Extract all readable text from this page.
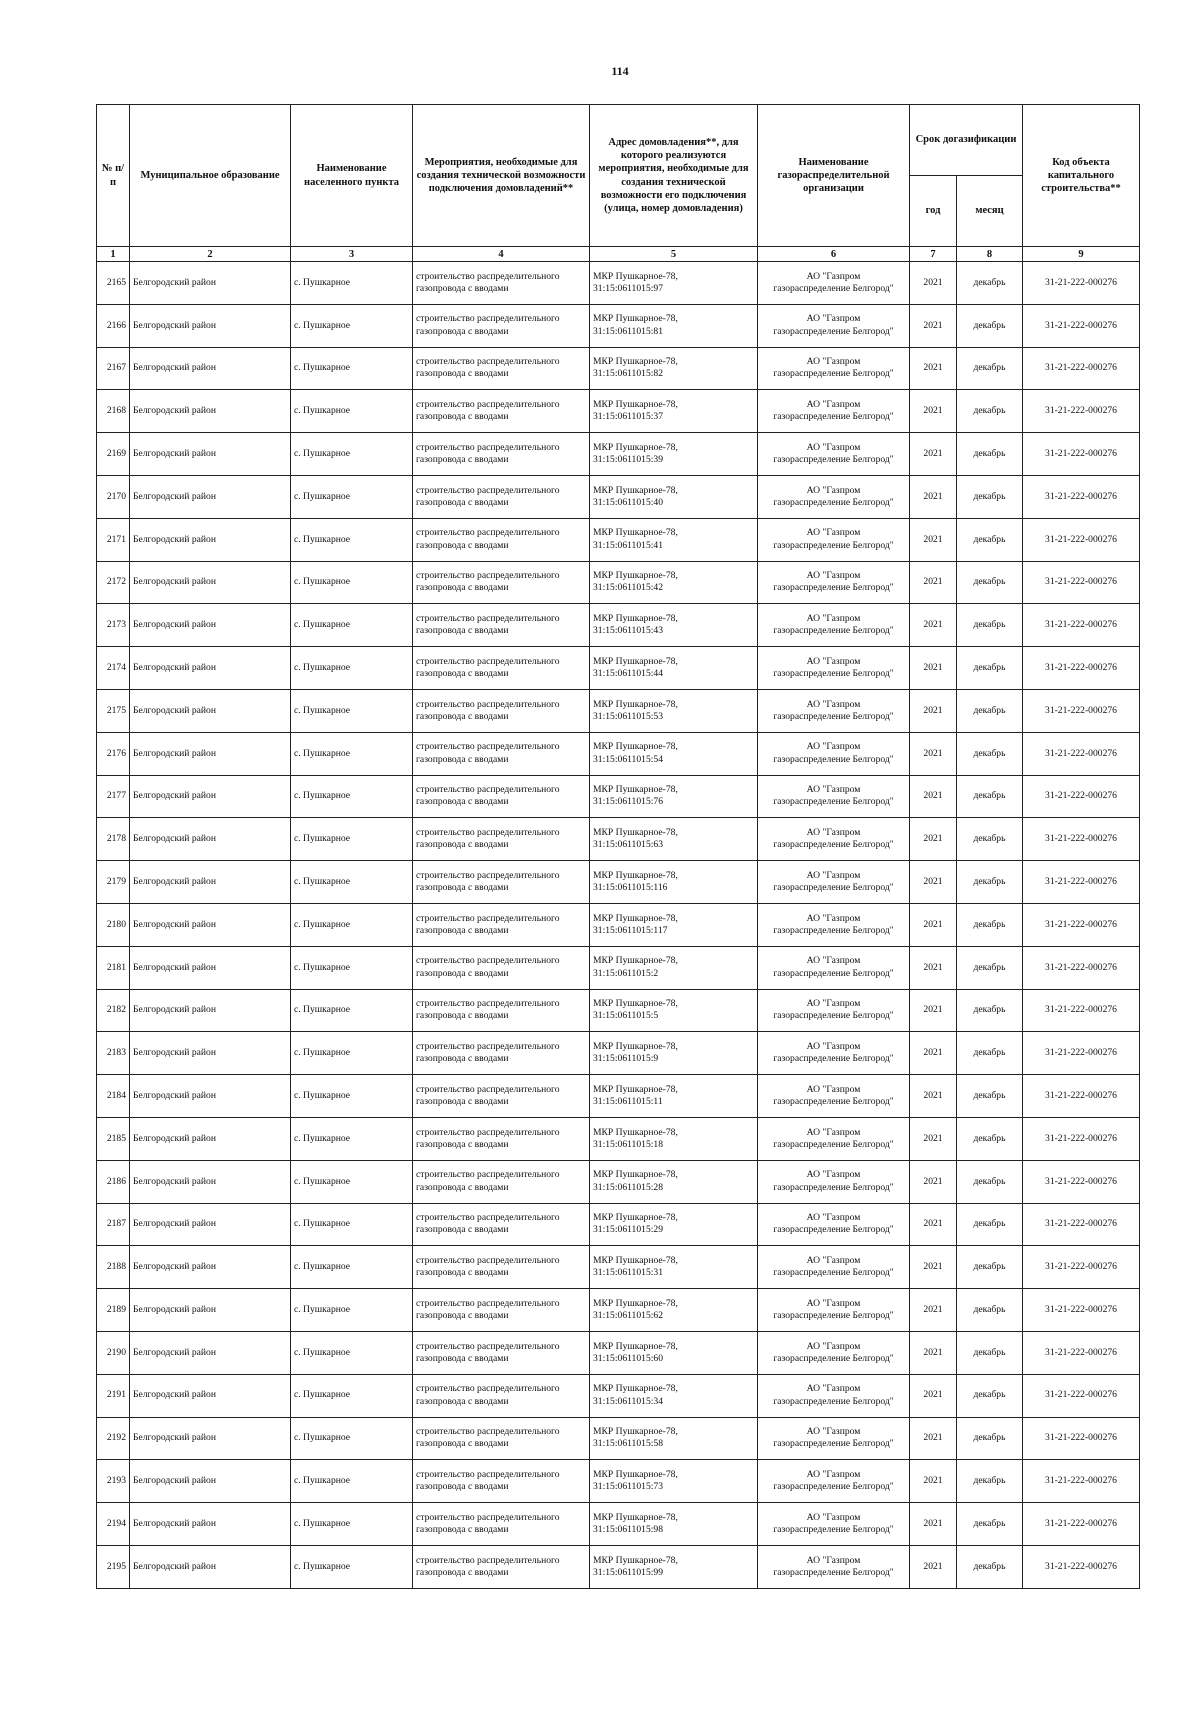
114
№ п/п	Муниципальное образование	Наименование населенного пункта	Мероприятия, необходимые для создания технической возможности подключения домовладений**	Адрес домовладения**, для которого реализуются мероприятия, необходимые для создания технической возможности его подключения (улица, номер домовладения)	Наименование газораспределительной организации	Срок догазификации		Код объекта капитального строительства**
						год	месяц	
1	2	3	4	5	6	7	8	9
2165	Белгородский район	с. Пушкарное	строительство распределительного газопровода с вводами	МКР Пушкарное-78,
31:15:0611015:97	АО "Газпром
газораспределение Белгород"	2021	декабрь	31-21-222-000276
2166	Белгородский район	с. Пушкарное	строительство распределительного газопровода с вводами	МКР Пушкарное-78,
31:15:0611015:81	АО "Газпром
газораспределение Белгород"	2021	декабрь	31-21-222-000276
2167	Белгородский район	с. Пушкарное	строительство распределительного газопровода с вводами	МКР Пушкарное-78,
31:15:0611015:82	АО "Газпром
газораспределение Белгород"	2021	декабрь	31-21-222-000276
2168	Белгородский район	с. Пушкарное	строительство распределительного газопровода с вводами	МКР Пушкарное-78,
31:15:0611015:37	АО "Газпром
газораспределение Белгород"	2021	декабрь	31-21-222-000276
2169	Белгородский район	с. Пушкарное	строительство распределительного газопровода с вводами	МКР Пушкарное-78,
31:15:0611015:39	АО "Газпром
газораспределение Белгород"	2021	декабрь	31-21-222-000276
2170	Белгородский район	с. Пушкарное	строительство распределительного газопровода с вводами	МКР Пушкарное-78,
31:15:0611015:40	АО "Газпром
газораспределение Белгород"	2021	декабрь	31-21-222-000276
2171	Белгородский район	с. Пушкарное	строительство распределительного газопровода с вводами	МКР Пушкарное-78,
31:15:0611015:41	АО "Газпром
газораспределение Белгород"	2021	декабрь	31-21-222-000276
2172	Белгородский район	с. Пушкарное	строительство распределительного газопровода с вводами	МКР Пушкарное-78,
31:15:0611015:42	АО "Газпром
газораспределение Белгород"	2021	декабрь	31-21-222-000276
2173	Белгородский район	с. Пушкарное	строительство распределительного газопровода с вводами	МКР Пушкарное-78,
31:15:0611015:43	АО "Газпром
газораспределение Белгород"	2021	декабрь	31-21-222-000276
2174	Белгородский район	с. Пушкарное	строительство распределительного газопровода с вводами	МКР Пушкарное-78,
31:15:0611015:44	АО "Газпром
газораспределение Белгород"	2021	декабрь	31-21-222-000276
2175	Белгородский район	с. Пушкарное	строительство распределительного газопровода с вводами	МКР Пушкарное-78,
31:15:0611015:53	АО "Газпром
газораспределение Белгород"	2021	декабрь	31-21-222-000276
2176	Белгородский район	с. Пушкарное	строительство распределительного газопровода с вводами	МКР Пушкарное-78,
31:15:0611015:54	АО "Газпром
газораспределение Белгород"	2021	декабрь	31-21-222-000276
2177	Белгородский район	с. Пушкарное	строительство распределительного газопровода с вводами	МКР Пушкарное-78,
31:15:0611015:76	АО "Газпром
газораспределение Белгород"	2021	декабрь	31-21-222-000276
2178	Белгородский район	с. Пушкарное	строительство распределительного газопровода с вводами	МКР Пушкарное-78,
31:15:0611015:63	АО "Газпром
газораспределение Белгород"	2021	декабрь	31-21-222-000276
2179	Белгородский район	с. Пушкарное	строительство распределительного газопровода с вводами	МКР Пушкарное-78,
31:15:0611015:116	АО "Газпром
газораспределение Белгород"	2021	декабрь	31-21-222-000276
2180	Белгородский район	с. Пушкарное	строительство распределительного газопровода с вводами	МКР Пушкарное-78,
31:15:0611015:117	АО "Газпром
газораспределение Белгород"	2021	декабрь	31-21-222-000276
2181	Белгородский район	с. Пушкарное	строительство распределительного газопровода с вводами	МКР Пушкарное-78,
31:15:0611015:2	АО "Газпром
газораспределение Белгород"	2021	декабрь	31-21-222-000276
2182	Белгородский район	с. Пушкарное	строительство распределительного газопровода с вводами	МКР Пушкарное-78,
31:15:0611015:5	АО "Газпром
газораспределение Белгород"	2021	декабрь	31-21-222-000276
2183	Белгородский район	с. Пушкарное	строительство распределительного газопровода с вводами	МКР Пушкарное-78,
31:15:0611015:9	АО "Газпром
газораспределение Белгород"	2021	декабрь	31-21-222-000276
2184	Белгородский район	с. Пушкарное	строительство распределительного газопровода с вводами	МКР Пушкарное-78,
31:15:0611015:11	АО "Газпром
газораспределение Белгород"	2021	декабрь	31-21-222-000276
2185	Белгородский район	с. Пушкарное	строительство распределительного газопровода с вводами	МКР Пушкарное-78,
31:15:0611015:18	АО "Газпром
газораспределение Белгород"	2021	декабрь	31-21-222-000276
2186	Белгородский район	с. Пушкарное	строительство распределительного газопровода с вводами	МКР Пушкарное-78,
31:15:0611015:28	АО "Газпром
газораспределение Белгород"	2021	декабрь	31-21-222-000276
2187	Белгородский район	с. Пушкарное	строительство распределительного газопровода с вводами	МКР Пушкарное-78,
31:15:0611015:29	АО "Газпром
газораспределение Белгород"	2021	декабрь	31-21-222-000276
2188	Белгородский район	с. Пушкарное	строительство распределительного газопровода с вводами	МКР Пушкарное-78,
31:15:0611015:31	АО "Газпром
газораспределение Белгород"	2021	декабрь	31-21-222-000276
2189	Белгородский район	с. Пушкарное	строительство распределительного газопровода с вводами	МКР Пушкарное-78,
31:15:0611015:62	АО "Газпром
газораспределение Белгород"	2021	декабрь	31-21-222-000276
2190	Белгородский район	с. Пушкарное	строительство распределительного газопровода с вводами	МКР Пушкарное-78,
31:15:0611015:60	АО "Газпром
газораспределение Белгород"	2021	декабрь	31-21-222-000276
2191	Белгородский район	с. Пушкарное	строительство распределительного газопровода с вводами	МКР Пушкарное-78,
31:15:0611015:34	АО "Газпром
газораспределение Белгород"	2021	декабрь	31-21-222-000276
2192	Белгородский район	с. Пушкарное	строительство распределительного газопровода с вводами	МКР Пушкарное-78,
31:15:0611015:58	АО "Газпром
газораспределение Белгород"	2021	декабрь	31-21-222-000276
2193	Белгородский район	с. Пушкарное	строительство распределительного газопровода с вводами	МКР Пушкарное-78,
31:15:0611015:73	АО "Газпром
газораспределение Белгород"	2021	декабрь	31-21-222-000276
2194	Белгородский район	с. Пушкарное	строительство распределительного газопровода с вводами	МКР Пушкарное-78,
31:15:0611015:98	АО "Газпром
газораспределение Белгород"	2021	декабрь	31-21-222-000276
2195	Белгородский район	с. Пушкарное	строительство распределительного газопровода с вводами	МКР Пушкарное-78,
31:15:0611015:99	АО "Газпром
газораспределение Белгород"	2021	декабрь	31-21-222-000276
